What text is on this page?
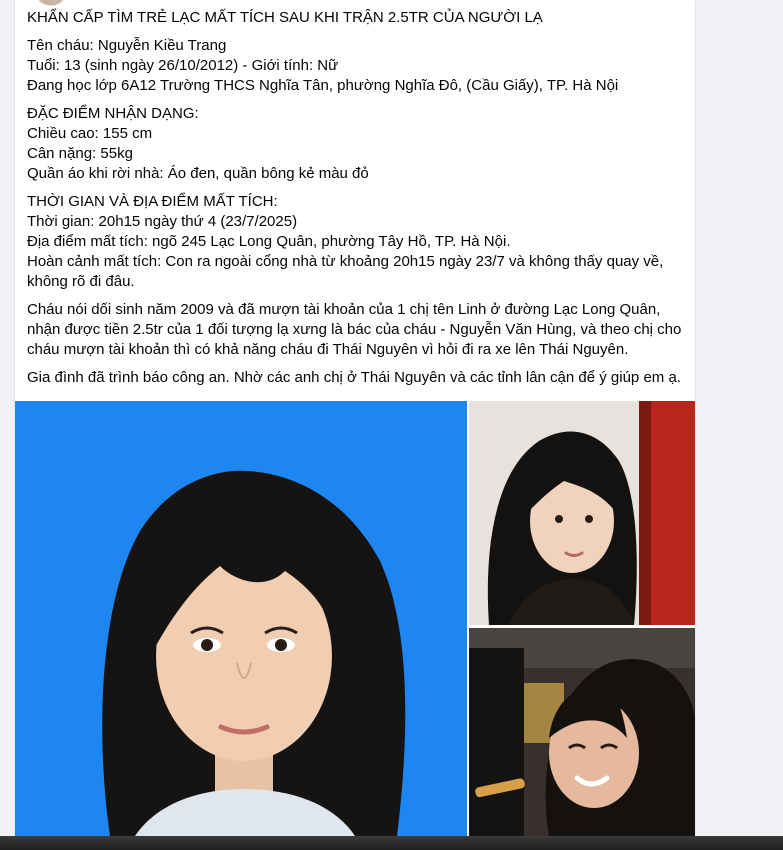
KHẨN CẤP TÌM TRẺ LẠC MẤT TÍCH SAU KHI TRẬN 2.5TR CỦA NGƯỜI LẠ

Tên cháu: Nguyễn Kiều Trang
Tuổi: 13 (sinh ngày 26/10/2012) - Giới tính: Nữ
Đang học lớp 6A12 Trường THCS Nghĩa Tân, phường Nghĩa Đô, (Cầu Giấy), TP. Hà Nội

ĐẶC ĐIỂM NHẬN DẠNG:
Chiều cao: 155 cm
Cân nặng: 55kg
Quần áo khi rời nhà: Áo đen, quần bông kẻ màu đỏ

THỜI GIAN VÀ ĐỊA ĐIỂM MẤT TÍCH:
Thời gian: 20h15 ngày thứ 4 (23/7/2025)
Địa điểm mất tích: ngõ 245 Lạc Long Quân, phường Tây Hồ, TP. Hà Nội.
Hoàn cảnh mất tích: Con ra ngoài cổng nhà từ khoảng 20h15 ngày 23/7 và không thấy quay về, không rõ đi đâu.

Cháu nói dối sinh năm 2009 và đã mượn tài khoản của 1 chị tên Linh ở đường Lạc Long Quân, nhận được tiền 2.5tr của 1 đối tượng lạ xưng là bác của cháu - Nguyễn Văn Hùng, và theo chị cho cháu mượn tài khoản thì có khả năng cháu đi Thái Nguyên vì hỏi đi ra xe lên Thái Nguyên.

Gia đình đã trình báo công an. Nhờ các anh chị ở Thái Nguyên và các tỉnh lân cận để ý giúp em ạ.
